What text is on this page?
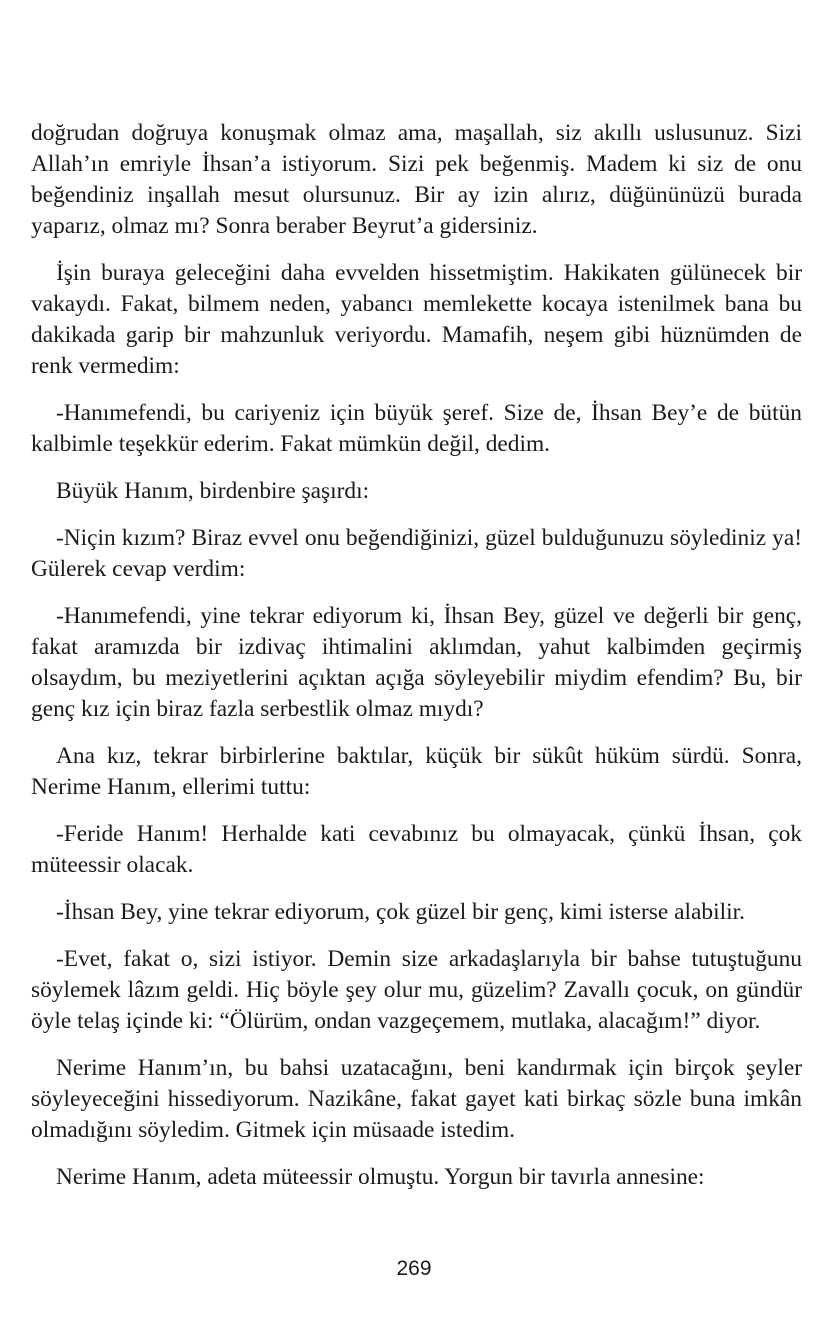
doğrudan doğruya konuşmak olmaz ama, maşallah, siz akıllı uslusunuz. Sizi Allah’ın emriyle İhsan’a istiyorum. Sizi pek beğenmiş. Madem ki siz de onu beğendiniz inşallah mesut olursunuz. Bir ay izin alırız, düğününüzü burada yaparız, olmaz mı? Sonra beraber Beyrut’a gidersiniz.

İşin buraya geleceğini daha evvelden hissetmiştim. Hakikaten gülünecek bir vakaydı. Fakat, bilmem neden, yabancı memlekette kocaya istenilmek bana bu dakikada garip bir mahzunluk veriyordu. Mamafih, neşem gibi hüznümden de renk vermedim:

-Hanımefendi, bu cariyeniz için büyük şeref. Size de, İhsan Bey’e de bütün kalbimle teşekkür ederim. Fakat mümkün değil, dedim.

Büyük Hanım, birdenbire şaşırdı:

-Niçin kızım? Biraz evvel onu beğendiğinizi, güzel bulduğunuzu söylediniz ya! Gülerek cevap verdim:

-Hanımefendi, yine tekrar ediyorum ki, İhsan Bey, güzel ve değerli bir genç, fakat aramızda bir izdivaç ihtimalini aklımdan, yahut kalbimden geçirmiş olsaydım, bu meziyetlerini açıktan açığa söyleyebilir miydim efendim? Bu, bir genç kız için biraz fazla serbestlik olmaz mıydı?

Ana kız, tekrar birbirlerine baktılar, küçük bir sükût hüküm sürdü. Sonra, Nerime Hanım, ellerimi tuttu:

-Feride Hanım! Herhalde kati cevabınız bu olmayacak, çünkü İhsan, çok müteessir olacak.

-İhsan Bey, yine tekrar ediyorum, çok güzel bir genç, kimi isterse alabilir.

-Evet, fakat o, sizi istiyor. Demin size arkadaşlarıyla bir bahse tutuştuğunu söylemek lâzım geldi. Hiç böyle şey olur mu, güzelim? Zavallı çocuk, on gündür öyle telaş içinde ki: “Ölürüm, ondan vazgeçemem, mutlaka, alacağım!” diyor.

Nerime Hanım’ın, bu bahsi uzatacağını, beni kandırmak için birçok şeyler söyleyeceğini hissediyorum. Nazikâne, fakat gayet kati birkaç sözle buna imkân olmadığını söyledim. Gitmek için müsaade istedim.

Nerime Hanım, adeta müteessir olmuştu. Yorgun bir tavırla annesine:

269
